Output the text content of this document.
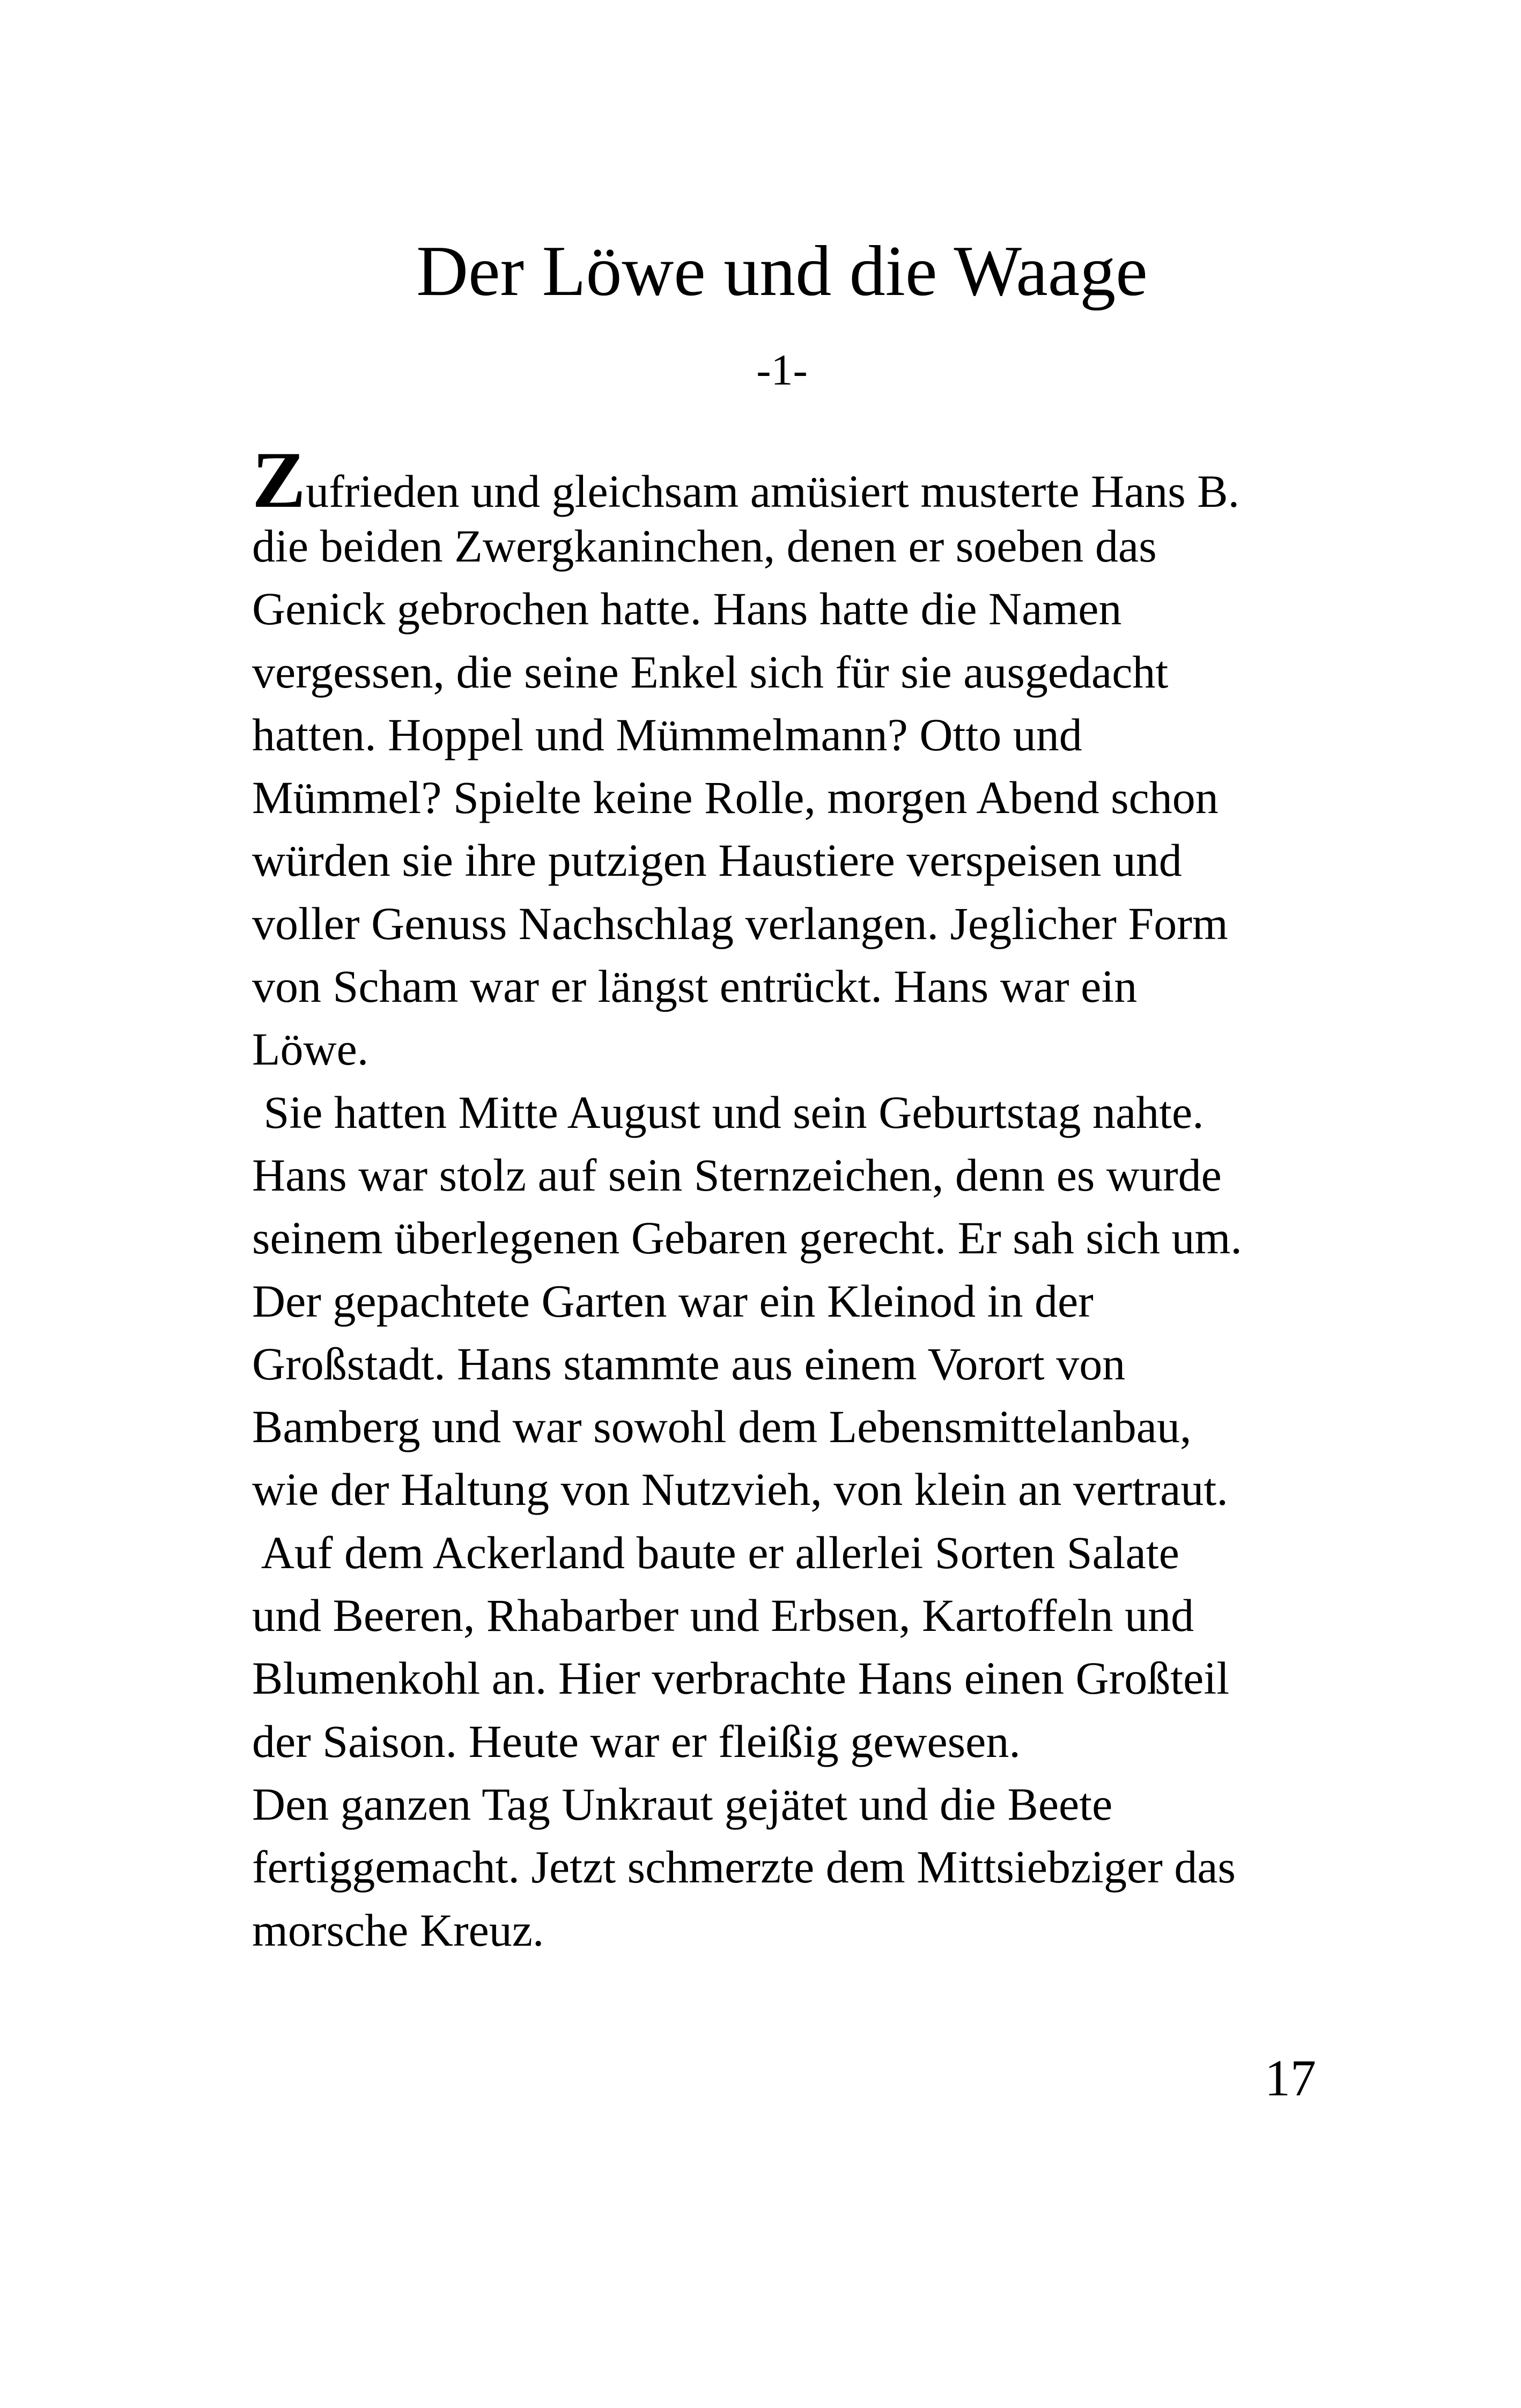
Der Löwe und die Waage
-1-
Zufrieden und gleichsam amüsiert musterte Hans B.
die beiden Zwergkaninchen, denen er soeben das
Genick gebrochen hatte. Hans hatte die Namen
vergessen, die seine Enkel sich für sie ausgedacht
hatten. Hoppel und Mümmelmann? Otto und
Mümmel? Spielte keine Rolle, morgen Abend schon
würden sie ihre putzigen Haustiere verspeisen und
voller Genuss Nachschlag verlangen. Jeglicher Form
von Scham war er längst entrückt. Hans war ein
Löwe.
Sie hatten Mitte August und sein Geburtstag nahte.
Hans war stolz auf sein Sternzeichen, denn es wurde
seinem überlegenen Gebaren gerecht. Er sah sich um.
Der gepachtete Garten war ein Kleinod in der
Großstadt. Hans stammte aus einem Vorort von
Bamberg und war sowohl dem Lebensmittelanbau,
wie der Haltung von Nutzvieh, von klein an vertraut.
Auf dem Ackerland baute er allerlei Sorten Salate
und Beeren, Rhabarber und Erbsen, Kartoffeln und
Blumenkohl an. Hier verbrachte Hans einen Großteil
der Saison. Heute war er fleißig gewesen.
Den ganzen Tag Unkraut gejätet und die Beete
fertiggemacht. Jetzt schmerzte dem Mittsiebziger das
morsche Kreuz.
17
